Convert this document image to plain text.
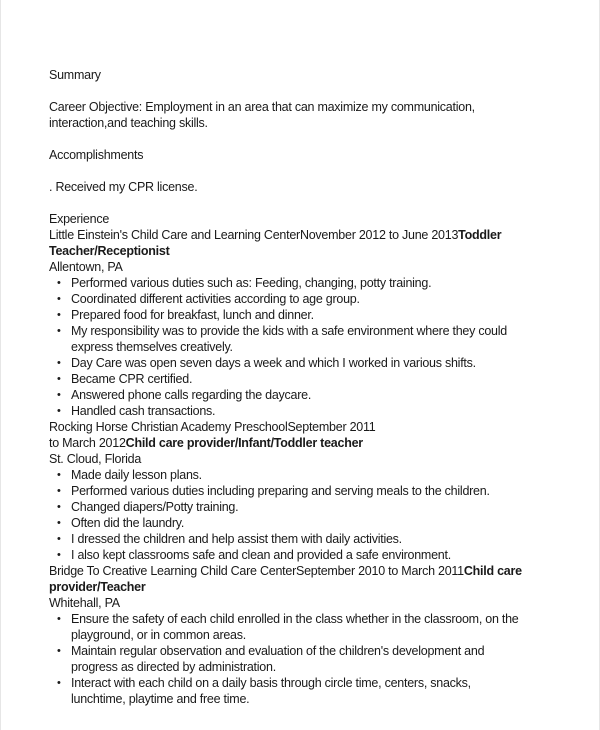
Summary
Career Objective: Employment in an area that can maximize my communication, interaction,and teaching skills.
Accomplishments
. Received my CPR license.
Experience
Little Einstein's Child Care and Learning CenterNovember 2012 to June 2013Toddler Teacher/Receptionist
Allentown, PA
• Performed various duties such as: Feeding, changing, potty training.
• Coordinated different activities according to age group.
• Prepared food for breakfast, lunch and dinner.
• My responsibility was to provide the kids with a safe environment where they could express themselves creatively.
• Day Care was open seven days a week and which I worked in various shifts.
• Became CPR certified.
• Answered phone calls regarding the daycare.
• Handled cash transactions.
Rocking Horse Christian Academy PreschoolSeptember 2011 to March 2012Child care provider/Infant/Toddler teacher
St. Cloud, Florida
• Made daily lesson plans.
• Performed various duties including preparing and serving meals to the children.
• Changed diapers/Potty training.
• Often did the laundry.
• I dressed the children and help assist them with daily activities.
• I also kept classrooms safe and clean and provided a safe environment.
Bridge To Creative Learning Child Care CenterSeptember 2010 to March 2011Child care provider/Teacher
Whitehall, PA
• Ensure the safety of each child enrolled in the class whether in the classroom, on the playground, or in common areas.
• Maintain regular observation and evaluation of the children's development and progress as directed by administration.
• Interact with each child on a daily basis through circle time, centers, snacks, lunchtime, playtime and free time.
